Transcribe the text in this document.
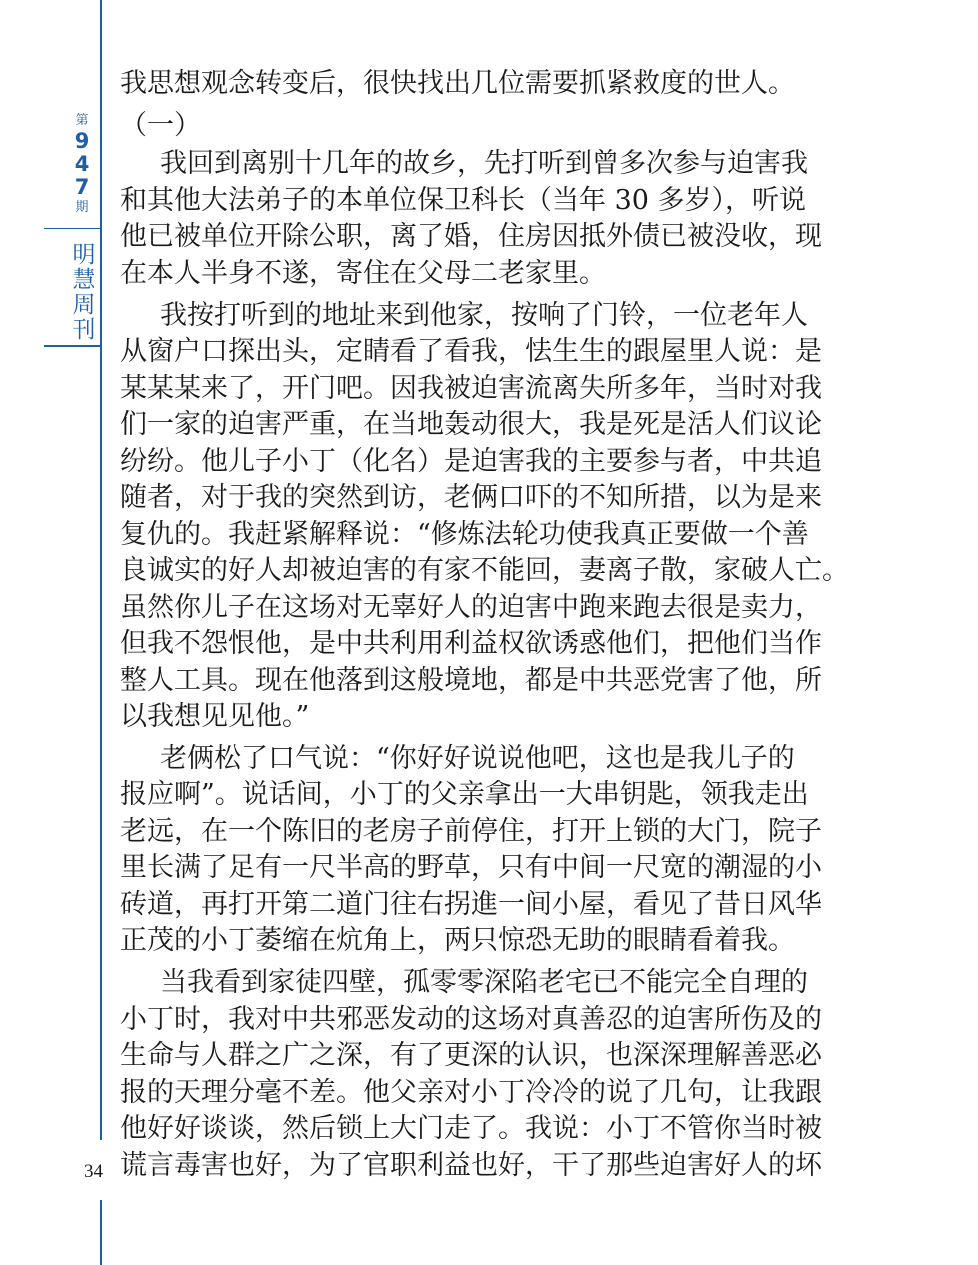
第
9
4
7
期
明
慧
周
刊
34

我思想观念转变后，很快找出几位需要抓紧救度的世人。

（一）

我回到离别十几年的故乡，先打听到曾多次参与迫害我
和其他大法弟子的本单位保卫科长（当年 30 多岁），听说
他已被单位开除公职，离了婚，住房因抵外债已被没收，现
在本人半身不遂，寄住在父母二老家里。

我按打听到的地址来到他家，按响了门铃，一位老年人
从窗户口探出头，定睛看了看我，怯生生的跟屋里人说：是
某某某来了，开门吧。因我被迫害流离失所多年，当时对我
们一家的迫害严重，在当地轰动很大，我是死是活人们议论
纷纷。他儿子小丁（化名）是迫害我的主要参与者，中共追
随者，对于我的突然到访，老俩口吓的不知所措，以为是来
复仇的。我赶紧解释说：“修炼法轮功使我真正要做一个善
良诚实的好人却被迫害的有家不能回，妻离子散，家破人亡。
虽然你儿子在这场对无辜好人的迫害中跑来跑去很是卖力，
但我不怨恨他，是中共利用利益权欲诱惑他们，把他们当作
整人工具。现在他落到这般境地，都是中共恶党害了他，所
以我想见见他。”

老俩松了口气说：“你好好说说他吧，这也是我儿子的
报应啊”。说话间，小丁的父亲拿出一大串钥匙，领我走出
老远，在一个陈旧的老房子前停住，打开上锁的大门，院子
里长满了足有一尺半高的野草，只有中间一尺宽的潮湿的小
砖道，再打开第二道门往右拐進一间小屋，看见了昔日风华
正茂的小丁萎缩在炕角上，两只惊恐无助的眼睛看着我。

当我看到家徒四壁，孤零零深陷老宅已不能完全自理的
小丁时，我对中共邪恶发动的这场对真善忍的迫害所伤及的
生命与人群之广之深，有了更深的认识，也深深理解善恶必
报的天理分毫不差。他父亲对小丁冷冷的说了几句，让我跟
他好好谈谈，然后锁上大门走了。我说：小丁不管你当时被
谎言毒害也好，为了官职利益也好，干了那些迫害好人的坏
